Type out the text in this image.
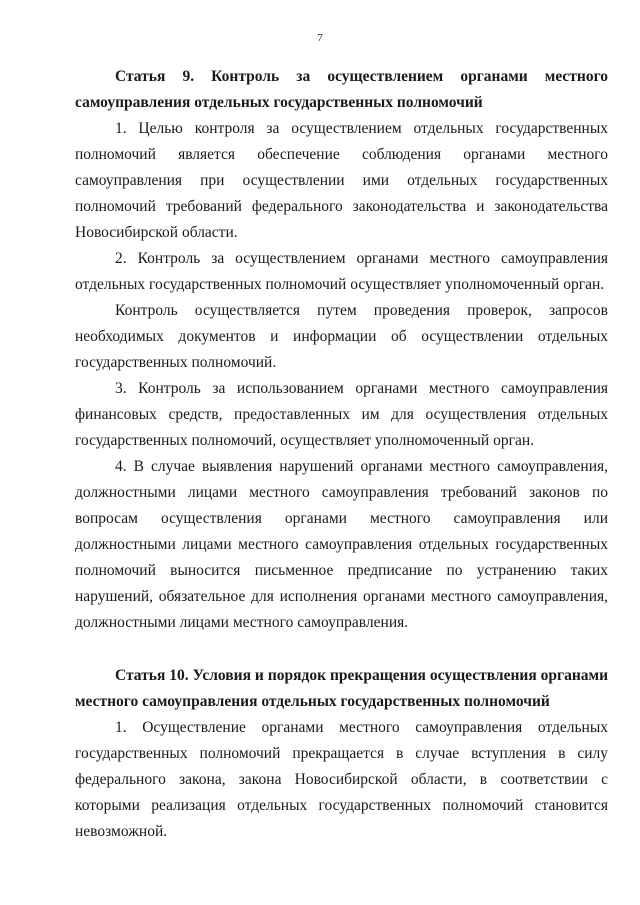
7

Статья 9. Контроль за осуществлением органами местного самоуправления отдельных государственных полномочий

1. Целью контроля за осуществлением отдельных государственных полномочий является обеспечение соблюдения органами местного самоуправления при осуществлении ими отдельных государственных полномочий требований федерального законодательства и законодательства Новосибирской области.

2. Контроль за осуществлением органами местного самоуправления отдельных государственных полномочий осуществляет уполномоченный орган.

Контроль осуществляется путем проведения проверок, запросов необходимых документов и информации об осуществлении отдельных государственных полномочий.

3. Контроль за использованием органами местного самоуправления финансовых средств, предоставленных им для осуществления отдельных государственных полномочий, осуществляет уполномоченный орган.

4. В случае выявления нарушений органами местного самоуправления, должностными лицами местного самоуправления требований законов по вопросам осуществления органами местного самоуправления или должностными лицами местного самоуправления отдельных государственных полномочий выносится письменное предписание по устранению таких нарушений, обязательное для исполнения органами местного самоуправления, должностными лицами местного самоуправления.

Статья 10. Условия и порядок прекращения осуществления органами местного самоуправления отдельных государственных полномочий

1. Осуществление органами местного самоуправления отдельных государственных полномочий прекращается в случае вступления в силу федерального закона, закона Новосибирской области, в соответствии с которыми реализация отдельных государственных полномочий становится невозможной.
